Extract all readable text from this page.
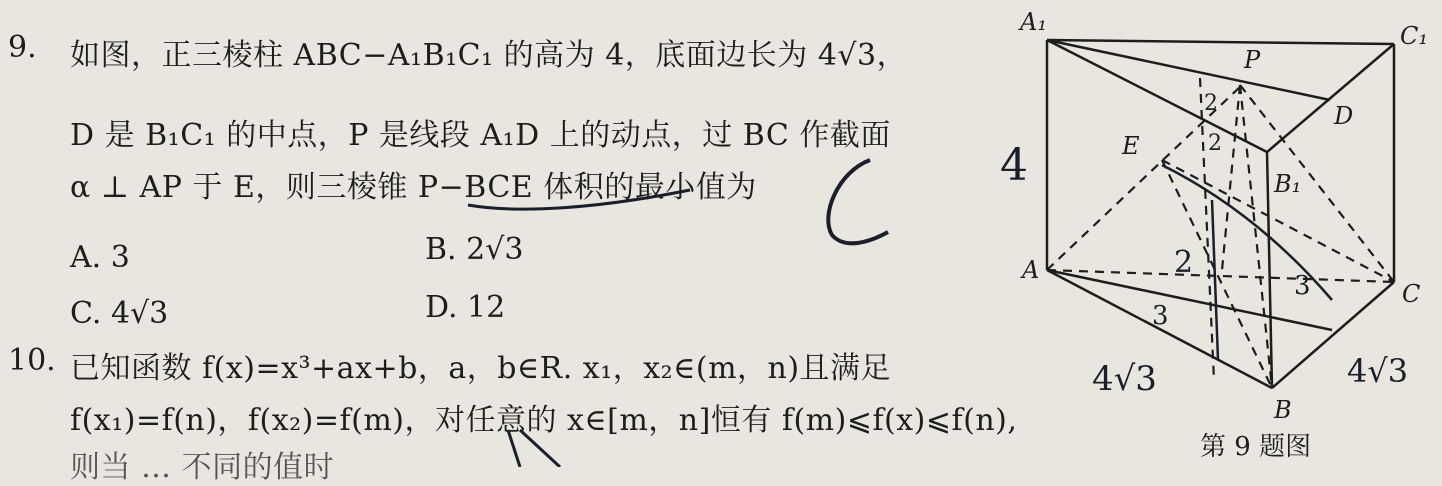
9. 如图，正三棱柱 ABC−A₁B₁C₁ 的高为 4，底面边长为 4√3，
D 是 B₁C₁ 的中点，P 是线段 A₁D 上的动点，过 BC 作截面
α ⊥ AP 于 E，则三棱锥 P−BCE 体积的最小值为
A. 3	B. 2√3
C. 4√3	D. 12
10. 已知函数 f(x)=x³+ax+b，a，b∈R. x₁，x₂∈(m，n)且满足
f(x₁)=f(n)，f(x₂)=f(m)，对任意的 x∈[m，n]恒有 f(m)⩽f(x)⩽f(n),
则当 … 不同的值时
C
A₁	C₁
P
D
E
B₁
A
C
B
4
4√3	4√3
2
2
2
3
3
第 9 题图
